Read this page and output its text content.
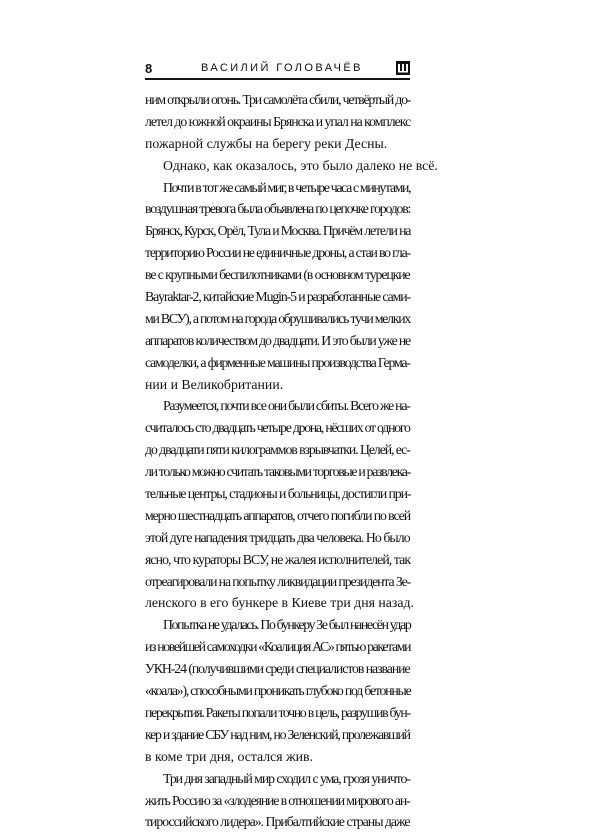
8	ВАСИЛИЙ ГОЛОВАЧЁВ
ним открыли огонь. Три самолёта сбили, четвёртый до-
летел до южной окраины Брянска и упал на комплекс
пожарной службы на берегу реки Десны.
Однако, как оказалось, это было далеко не всё.
Почти в тот же самый миг, в четыре часа с минутами,
воздушная тревога была объявлена по цепочке городов:
Брянск, Курск, Орёл, Тула и Москва. Причём летели на
территорию России не единичные дроны, а стаи во гла-
ве с крупными беспилотниками (в основном турецкие
Bayraktar-2, китайские Mugin-5 и разработанные сами-
ми ВСУ), а потом на города обрушивались тучи мелких
аппаратов количеством до двадцати. И это были уже не
самоделки, а фирменные машины производства Герма-
нии и Великобритании.
Разумеется, почти все они были сбиты. Всего же на-
считалось сто двадцать четыре дрона, нёсших от одного
до двадцати пяти килограммов взрывчатки. Целей, ес-
ли только можно считать таковыми торговые и развлека-
тельные центры, стадионы и больницы, достигли при-
мерно шестнадцать аппаратов, отчего погибли по всей
этой дуге нападения тридцать два человека. Но было
ясно, что кураторы ВСУ, не жалея исполнителей, так
отреагировали на попытку ликвидации президента Зе-
ленского в его бункере в Киеве три дня назад.
Попытка не удалась. По бункеру Зе был нанесён удар
из новейшей самоходки «Коалиция АС» пятью ракетами
УКН-24 (получившими среди специалистов название
«коала»), способными проникать глубоко под бетонные
перекрытия. Ракеты попали точно в цель, разрушив бун-
кер и здание СБУ над ним, но Зеленский, пролежавший
в коме три дня, остался жив.
Три дня западный мир сходил с ума, грозя уничто-
жить Россию за «злодеяние в отношении мирового ан-
тироссийского лидера». Прибалтийские страны даже
